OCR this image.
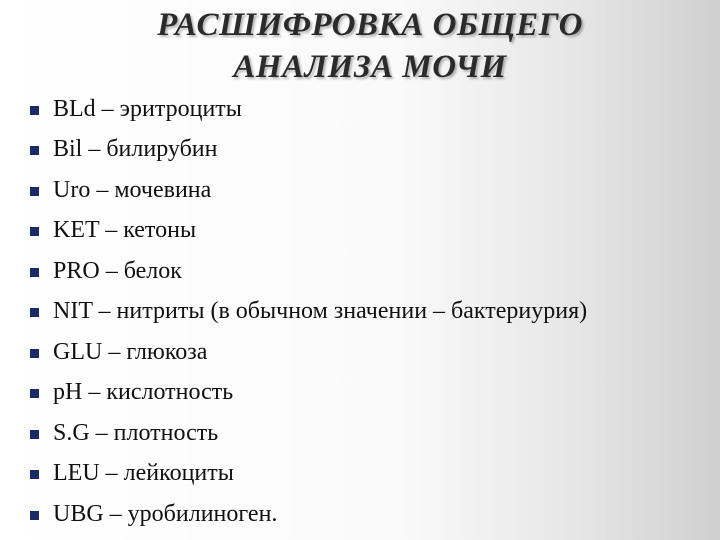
РАСШИФРОВКА ОБЩЕГО
АНАЛИЗА МОЧИ
BLd – эритроциты
Bil – билирубин
Uro – мочевина
KET – кетоны
PRO – белок
NIT – нитриты (в обычном значении – бактериурия)
GLU – глюкоза
pH – кислотность
S.G – плотность
LEU – лейкоциты
UBG – уробилиноген.
